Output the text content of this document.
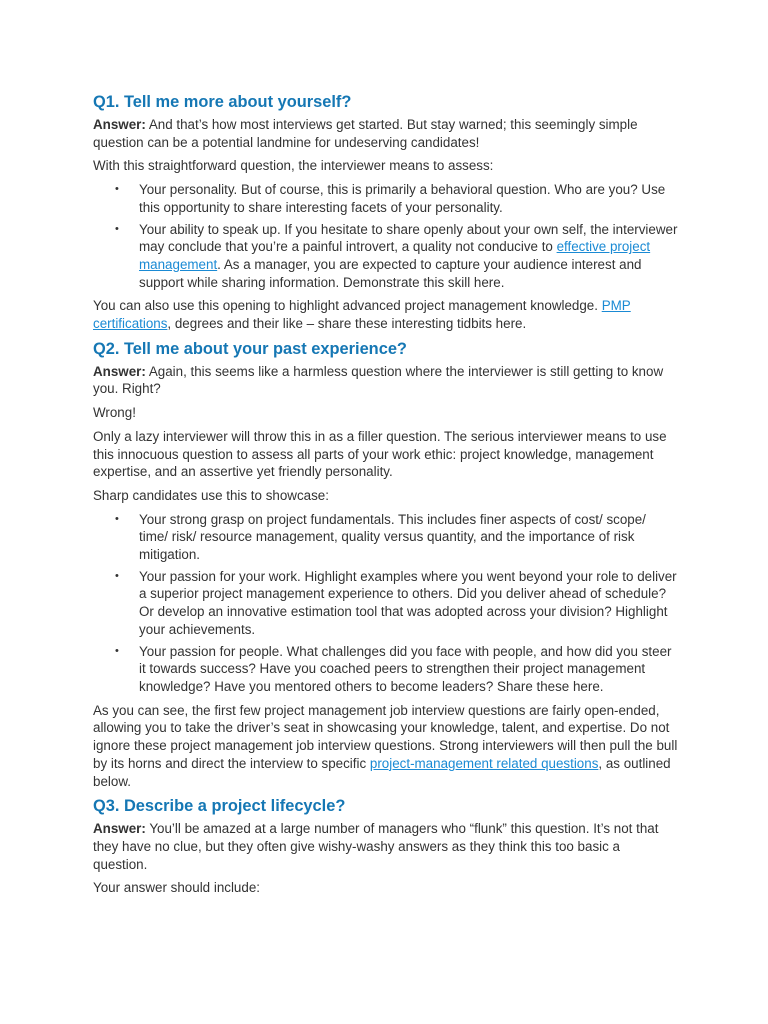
Q1. Tell me more about yourself?

Answer: And that’s how most interviews get started. But stay warned; this seemingly simple question can be a potential landmine for undeserving candidates!

With this straightforward question, the interviewer means to assess:

• Your personality. But of course, this is primarily a behavioral question. Who are you? Use this opportunity to share interesting facets of your personality.
• Your ability to speak up. If you hesitate to share openly about your own self, the interviewer may conclude that you’re a painful introvert, a quality not conducive to effective project management. As a manager, you are expected to capture your audience interest and support while sharing information. Demonstrate this skill here.

You can also use this opening to highlight advanced project management knowledge. PMP certifications, degrees and their like – share these interesting tidbits here.

Q2. Tell me about your past experience?

Answer: Again, this seems like a harmless question where the interviewer is still getting to know you. Right?

Wrong!

Only a lazy interviewer will throw this in as a filler question. The serious interviewer means to use this innocuous question to assess all parts of your work ethic: project knowledge, management expertise, and an assertive yet friendly personality.

Sharp candidates use this to showcase:

• Your strong grasp on project fundamentals. This includes finer aspects of cost/ scope/ time/ risk/ resource management, quality versus quantity, and the importance of risk mitigation.
• Your passion for your work. Highlight examples where you went beyond your role to deliver a superior project management experience to others. Did you deliver ahead of schedule? Or develop an innovative estimation tool that was adopted across your division? Highlight your achievements.
• Your passion for people. What challenges did you face with people, and how did you steer it towards success? Have you coached peers to strengthen their project management knowledge? Have you mentored others to become leaders? Share these here.

As you can see, the first few project management job interview questions are fairly open-ended, allowing you to take the driver’s seat in showcasing your knowledge, talent, and expertise. Do not ignore these project management job interview questions. Strong interviewers will then pull the bull by its horns and direct the interview to specific project-management related questions, as outlined below.

Q3. Describe a project lifecycle?

Answer: You’ll be amazed at a large number of managers who “flunk” this question. It’s not that they have no clue, but they often give wishy-washy answers as they think this too basic a question.

Your answer should include:
